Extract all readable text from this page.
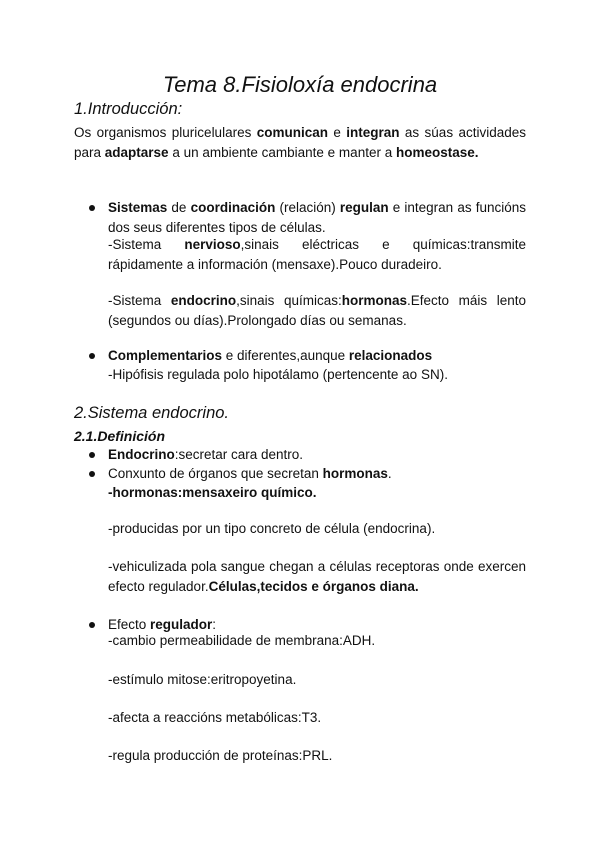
Tema 8.Fisioloxía endocrina
1.Introducción:

Os organismos pluricelulares comunican e integran as súas actividades para adaptarse a un ambiente cambiante e manter a homeostase.

Sistemas de coordinación (relación) regulan e integran as funcións dos seus diferentes tipos de células.

-Sistema nervioso,sinais eléctricas e químicas:transmite rápidamente a información (mensaxe).Pouco duradeiro.

-Sistema endocrino,sinais químicas:hormonas.Efecto máis lento (segundos ou días).Prolongado días ou semanas.

Complementarios e diferentes,aunque relacionados

-Hipófisis regulada polo hipotálamo (pertencente ao SN).

2.Sistema endocrino.
2.1.Definición

Endocrino:secretar cara dentro.

Conxunto de órganos que secretan hormonas.

-hormonas:mensaxeiro químico.

-producidas por un tipo concreto de célula (endocrina).

-vehiculizada pola sangue chegan a células receptoras onde exercen efecto regulador.Células,tecidos e órganos diana.

Efecto regulador:

-cambio permeabilidade de membrana:ADH.

-estímulo mitose:eritropoyetina.

-afecta a reaccións metabólicas:T3.

-regula producción de proteínas:PRL.
